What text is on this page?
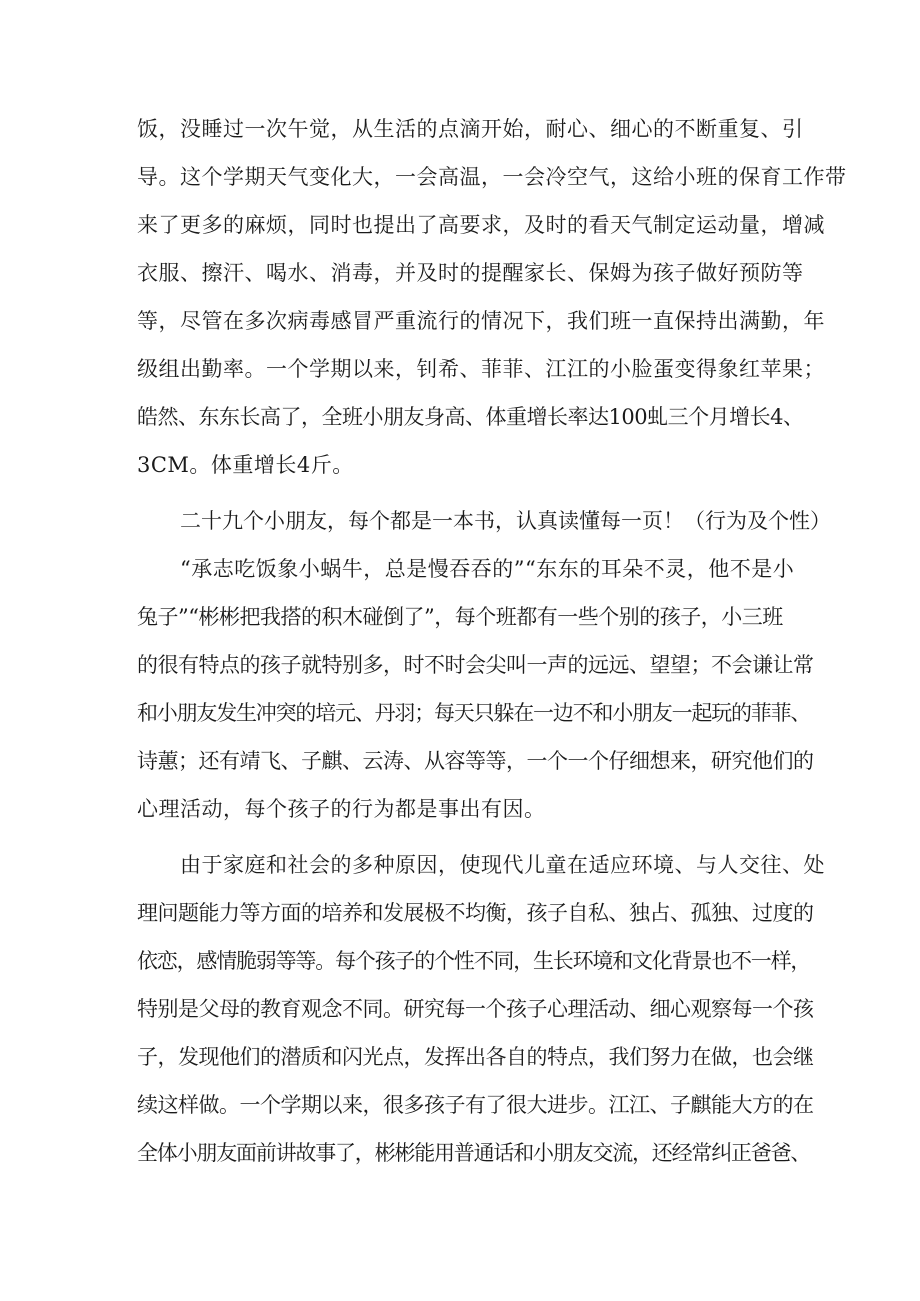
饭，没睡过一次午觉，从生活的点滴开始，耐心、细心的不断重复、引
导。这个学期天气变化大，一会高温，一会冷空气，这给小班的保育工作带
来了更多的麻烦，同时也提出了高要求，及时的看天气制定运动量，增减
衣服、擦汗、喝水、消毒，并及时的提醒家长、保姆为孩子做好预防等
等，尽管在多次病毒感冒严重流行的情况下，我们班一直保持出满勤，年
级组出勤率。一个学期以来，钊希、菲菲、江江的小脸蛋变得象红苹果；
皓然、东东长高了，全班小朋友身高、体重增长率达100虬三个月增长4、
3CM。体重增长4斤。
二十九个小朋友，每个都是一本书，认真读懂每一页！（行为及个性）
“承志吃饭象小蜗牛，总是慢吞吞的”“东东的耳朵不灵，他不是小
兔子”“彬彬把我搭的积木碰倒了”，每个班都有一些个别的孩子，小三班
的很有特点的孩子就特别多，时不时会尖叫一声的远远、望望；不会谦让常
和小朋友发生冲突的培元、丹羽；每天只躲在一边不和小朋友一起玩的菲菲、
诗蕙；还有靖飞、子麒、云涛、从容等等，一个一个仔细想来，研究他们的
心理活动，每个孩子的行为都是事出有因。
由于家庭和社会的多种原因，使现代儿童在适应环境、与人交往、处
理问题能力等方面的培养和发展极不均衡，孩子自私、独占、孤独、过度的
依恋，感情脆弱等等。每个孩子的个性不同，生长环境和文化背景也不一样，
特别是父母的教育观念不同。研究每一个孩子心理活动、细心观察每一个孩
子，发现他们的潜质和闪光点，发挥出各自的特点，我们努力在做，也会继
续这样做。一个学期以来，很多孩子有了很大进步。江江、子麒能大方的在
全体小朋友面前讲故事了，彬彬能用普通话和小朋友交流，还经常纠正爸爸、
